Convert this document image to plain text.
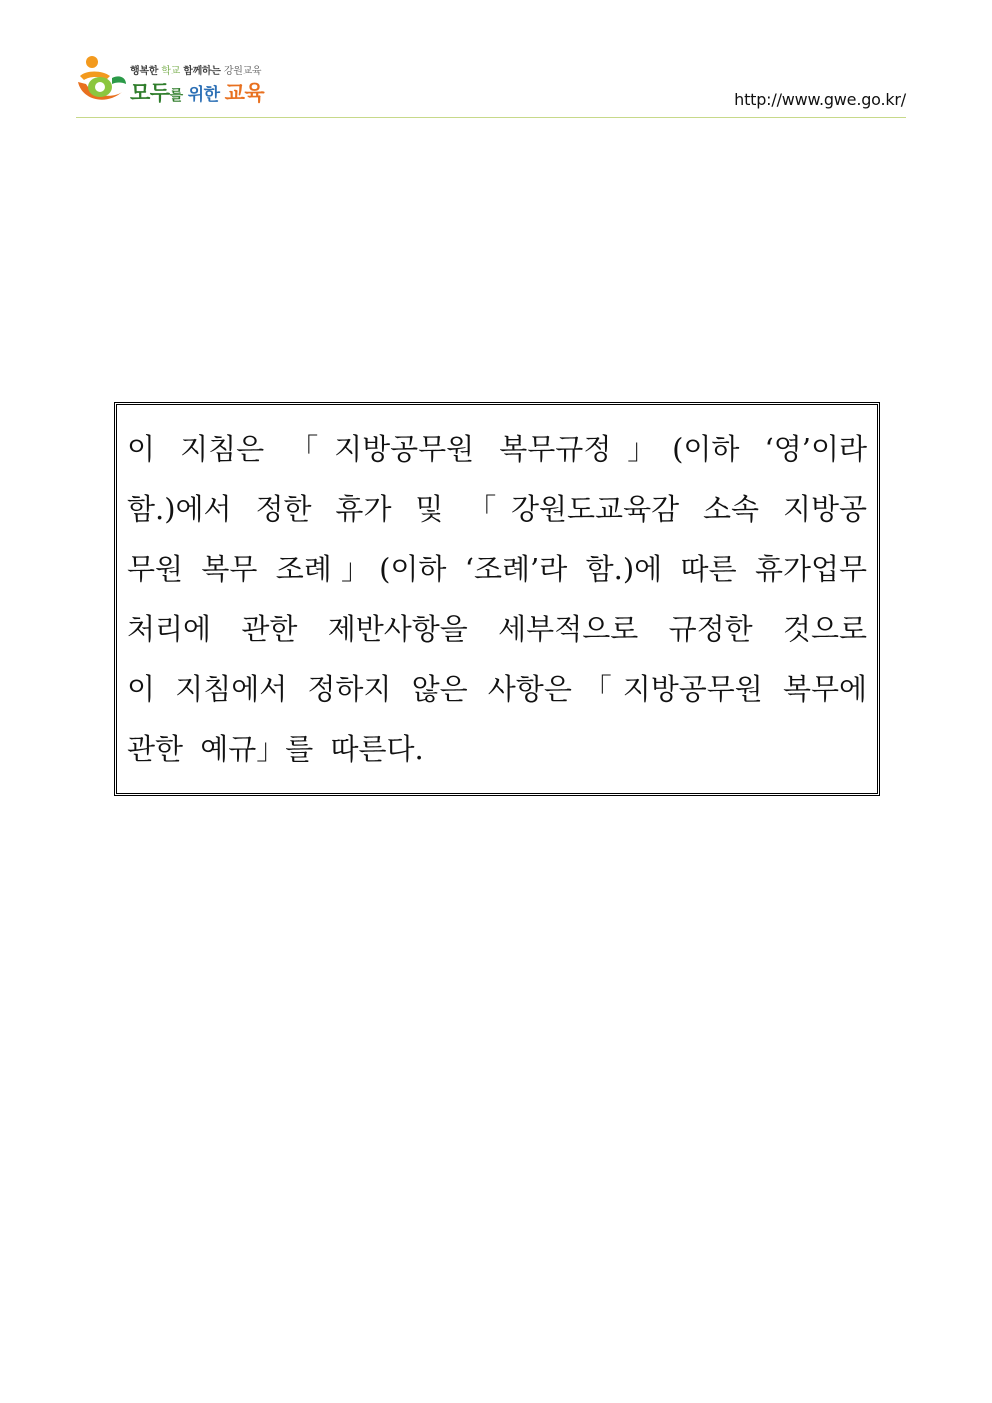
행복한 학교 함께하는 강원교육
모두를 위한 교육	http://www.gwe.go.kr/
이 지침은 「지방공무원 복무규정」(이하 ‘영’이라
함.)에서 정한 휴가 및 「강원도교육감 소속 지방공
무원 복무 조례」(이하 ‘조례’라 함.)에 따른 휴가업무
처리에 관한 제반사항을 세부적으로 규정한 것으로
이 지침에서 정하지 않은 사항은「지방공무원 복무에
관한 예규」를 따른다.
